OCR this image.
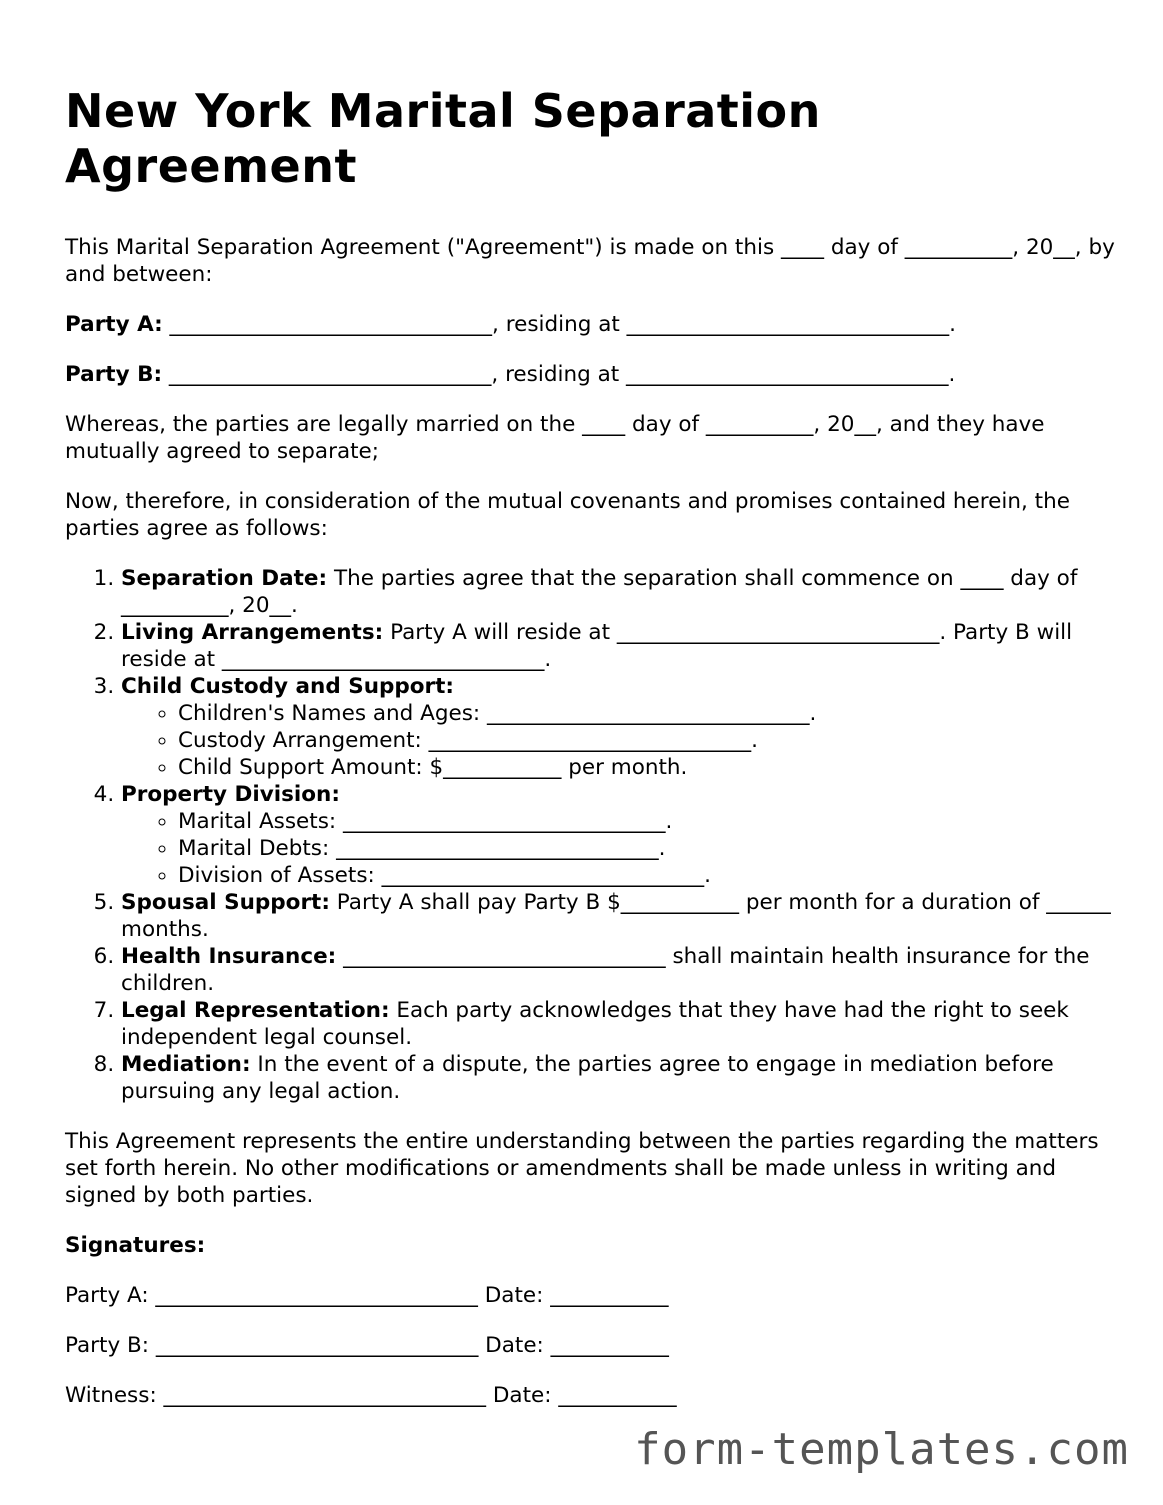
New York Marital Separation Agreement

This Marital Separation Agreement ("Agreement") is made on this ____ day of __________, 20__, by and between:

Party A: ______________________________, residing at ______________________________.

Party B: ______________________________, residing at ______________________________.

Whereas, the parties are legally married on the ____ day of __________, 20__, and they have mutually agreed to separate;

Now, therefore, in consideration of the mutual covenants and promises contained herein, the parties agree as follows:

1. Separation Date: The parties agree that the separation shall commence on ____ day of __________, 20__.
2. Living Arrangements: Party A will reside at ______________________________. Party B will reside at ______________________________.
3. Child Custody and Support:
◦ Children's Names and Ages: ______________________________.
◦ Custody Arrangement: ______________________________.
◦ Child Support Amount: $___________ per month.
4. Property Division:
◦ Marital Assets: ______________________________.
◦ Marital Debts: ______________________________.
◦ Division of Assets: ______________________________.
5. Spousal Support: Party A shall pay Party B $___________ per month for a duration of ______ months.
6. Health Insurance: ______________________________ shall maintain health insurance for the children.
7. Legal Representation: Each party acknowledges that they have had the right to seek independent legal counsel.
8. Mediation: In the event of a dispute, the parties agree to engage in mediation before pursuing any legal action.

This Agreement represents the entire understanding between the parties regarding the matters set forth herein. No other modifications or amendments shall be made unless in writing and signed by both parties.

Signatures:
Party A: ______________________________ Date: ___________
Party B: ______________________________ Date: ___________
Witness: ______________________________ Date: ___________
form-templates.com
